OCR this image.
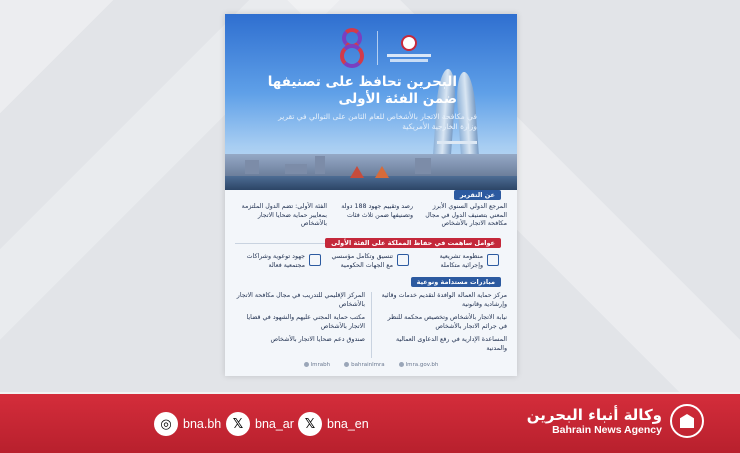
البحرين تحافظ على تصنيفها ضمن الفئة الأولى
في مكافحة الاتجار بالأشخاص للعام الثامن على التوالي في تقرير وزارة الخارجية الأمريكية
عن التقرير
المرجع الدولي السنوي الأبرز المعني بتصنيف الدول في مجال مكافحة الاتجار بالأشخاص
رصد وتقييم جهود 188 دولة وتصنيفها ضمن ثلاث فئات
الفئة الأولى: تضم الدول الملتزمة بمعايير حماية ضحايا الاتجار بالأشخاص
عوامل ساهمت في حفاظ المملكة على الفئة الأولى
منظومة تشريعية وإجرائية متكاملة
تنسيق وتكامل مؤسسي مع الجهات الحكومية
جهود توعوية وشراكات مجتمعية فعالة
مبادرات مستدامة ونوعية
مركز حماية العمالة الوافدة لتقديم خدمات وقائية وإرشادية وقانونية
نيابة الاتجار بالأشخاص وتخصيص محكمة للنظر في جرائم الاتجار بالأشخاص
المساعدة الإدارية في رفع الدعاوى العمالية والمدنية
المركز الإقليمي للتدريب في مجال مكافحة الاتجار بالأشخاص
مكتب حماية المجني عليهم والشهود في قضايا الاتجار بالأشخاص
صندوق دعم ضحايا الاتجار بالأشخاص
lmrabh	bahrainlmra	lmra.gov.bh
◎ bna.bh 𝕏 bna_ar 𝕏 bna_en	وكالة أنباء البحرين
Bahrain News Agency
